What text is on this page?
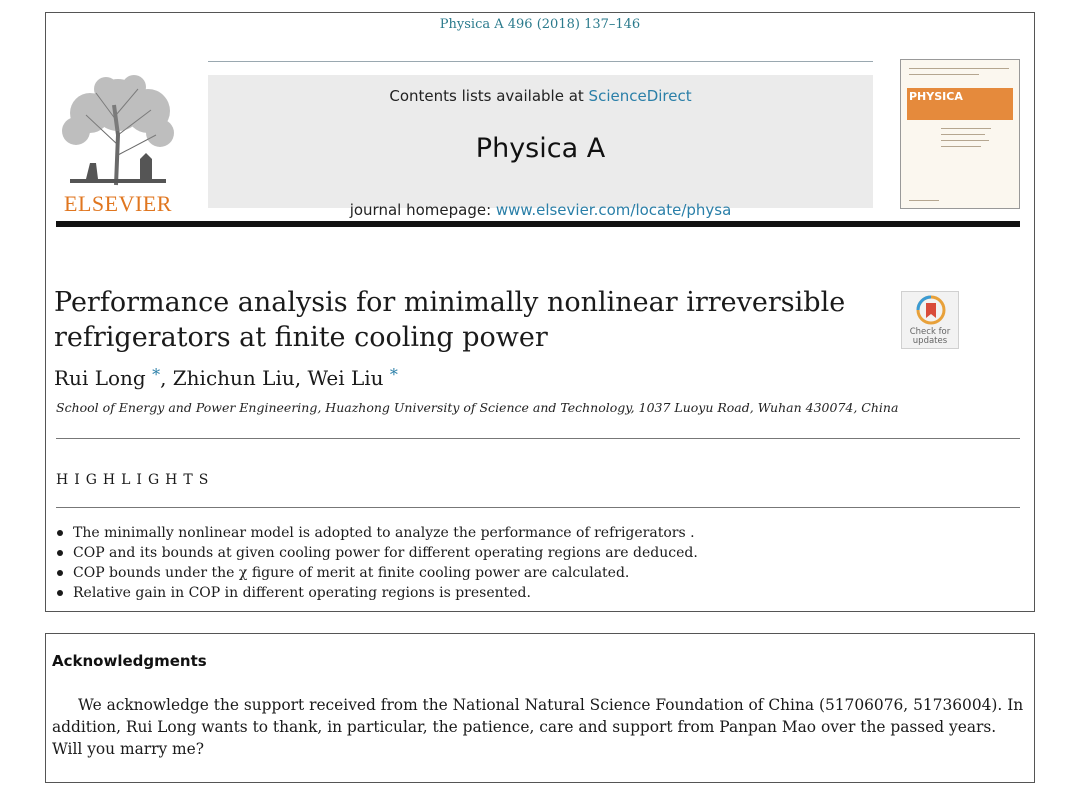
Physica A 496 (2018) 137–146
ELSEVIER
Contents lists available at ScienceDirect
Physica A
journal homepage: www.elsevier.com/locate/physa
PHYSICA
Performance analysis for minimally nonlinear irreversible refrigerators at finite cooling power	Check for
updates
Rui Long *, Zhichun Liu, Wei Liu *
School of Energy and Power Engineering, Huazhong University of Science and Technology, 1037 Luoyu Road, Wuhan 430074, China
HIGHLIGHTS
The minimally nonlinear model is adopted to analyze the performance of refrigerators .
COP and its bounds at given cooling power for different operating regions are deduced.
COP bounds under the χ figure of merit at finite cooling power are calculated.
Relative gain in COP in different operating regions is presented.
Acknowledgments
We acknowledge the support received from the National Natural Science Foundation of China (51706076, 51736004). In addition, Rui Long wants to thank, in particular, the patience, care and support from Panpan Mao over the passed years. Will you marry me?
